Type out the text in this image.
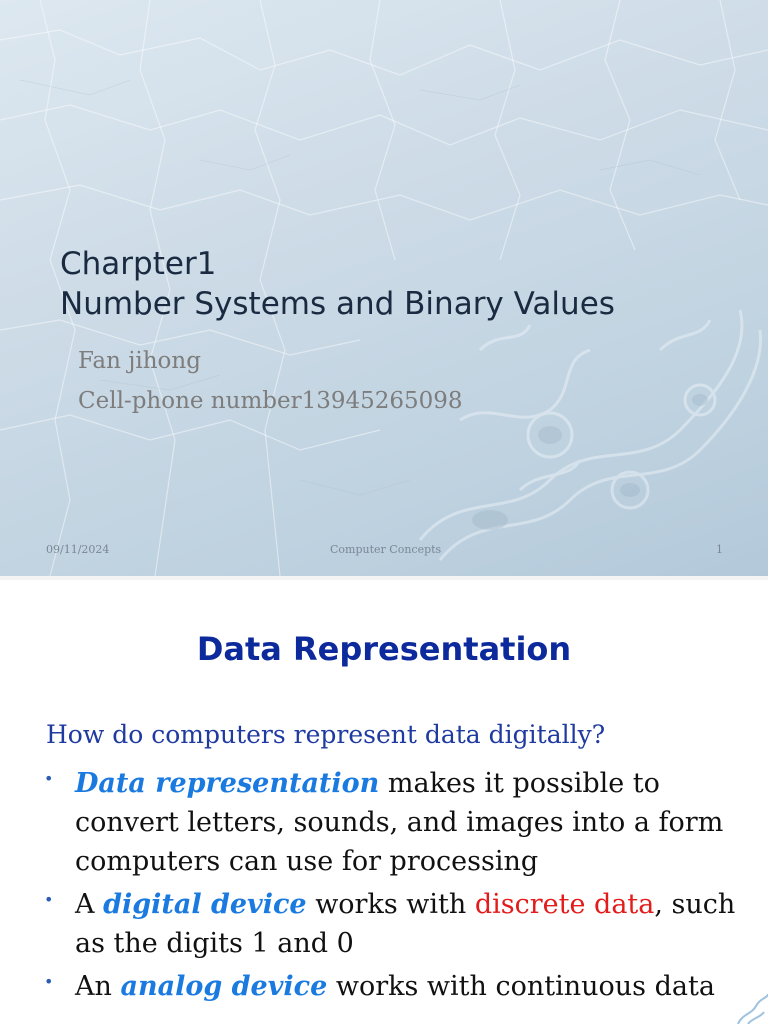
Charpter1
Number Systems and Binary Values
Fan jihong
Cell-phone number13945265098
09/11/2024	Computer Concepts	1
Data Representation
How do computers represent data digitally?
• Data representation makes it possible to convert letters, sounds, and images into a form computers can use for processing
• A digital device works with discrete data, such as the digits 1 and 0
• An analog device works with continuous data
